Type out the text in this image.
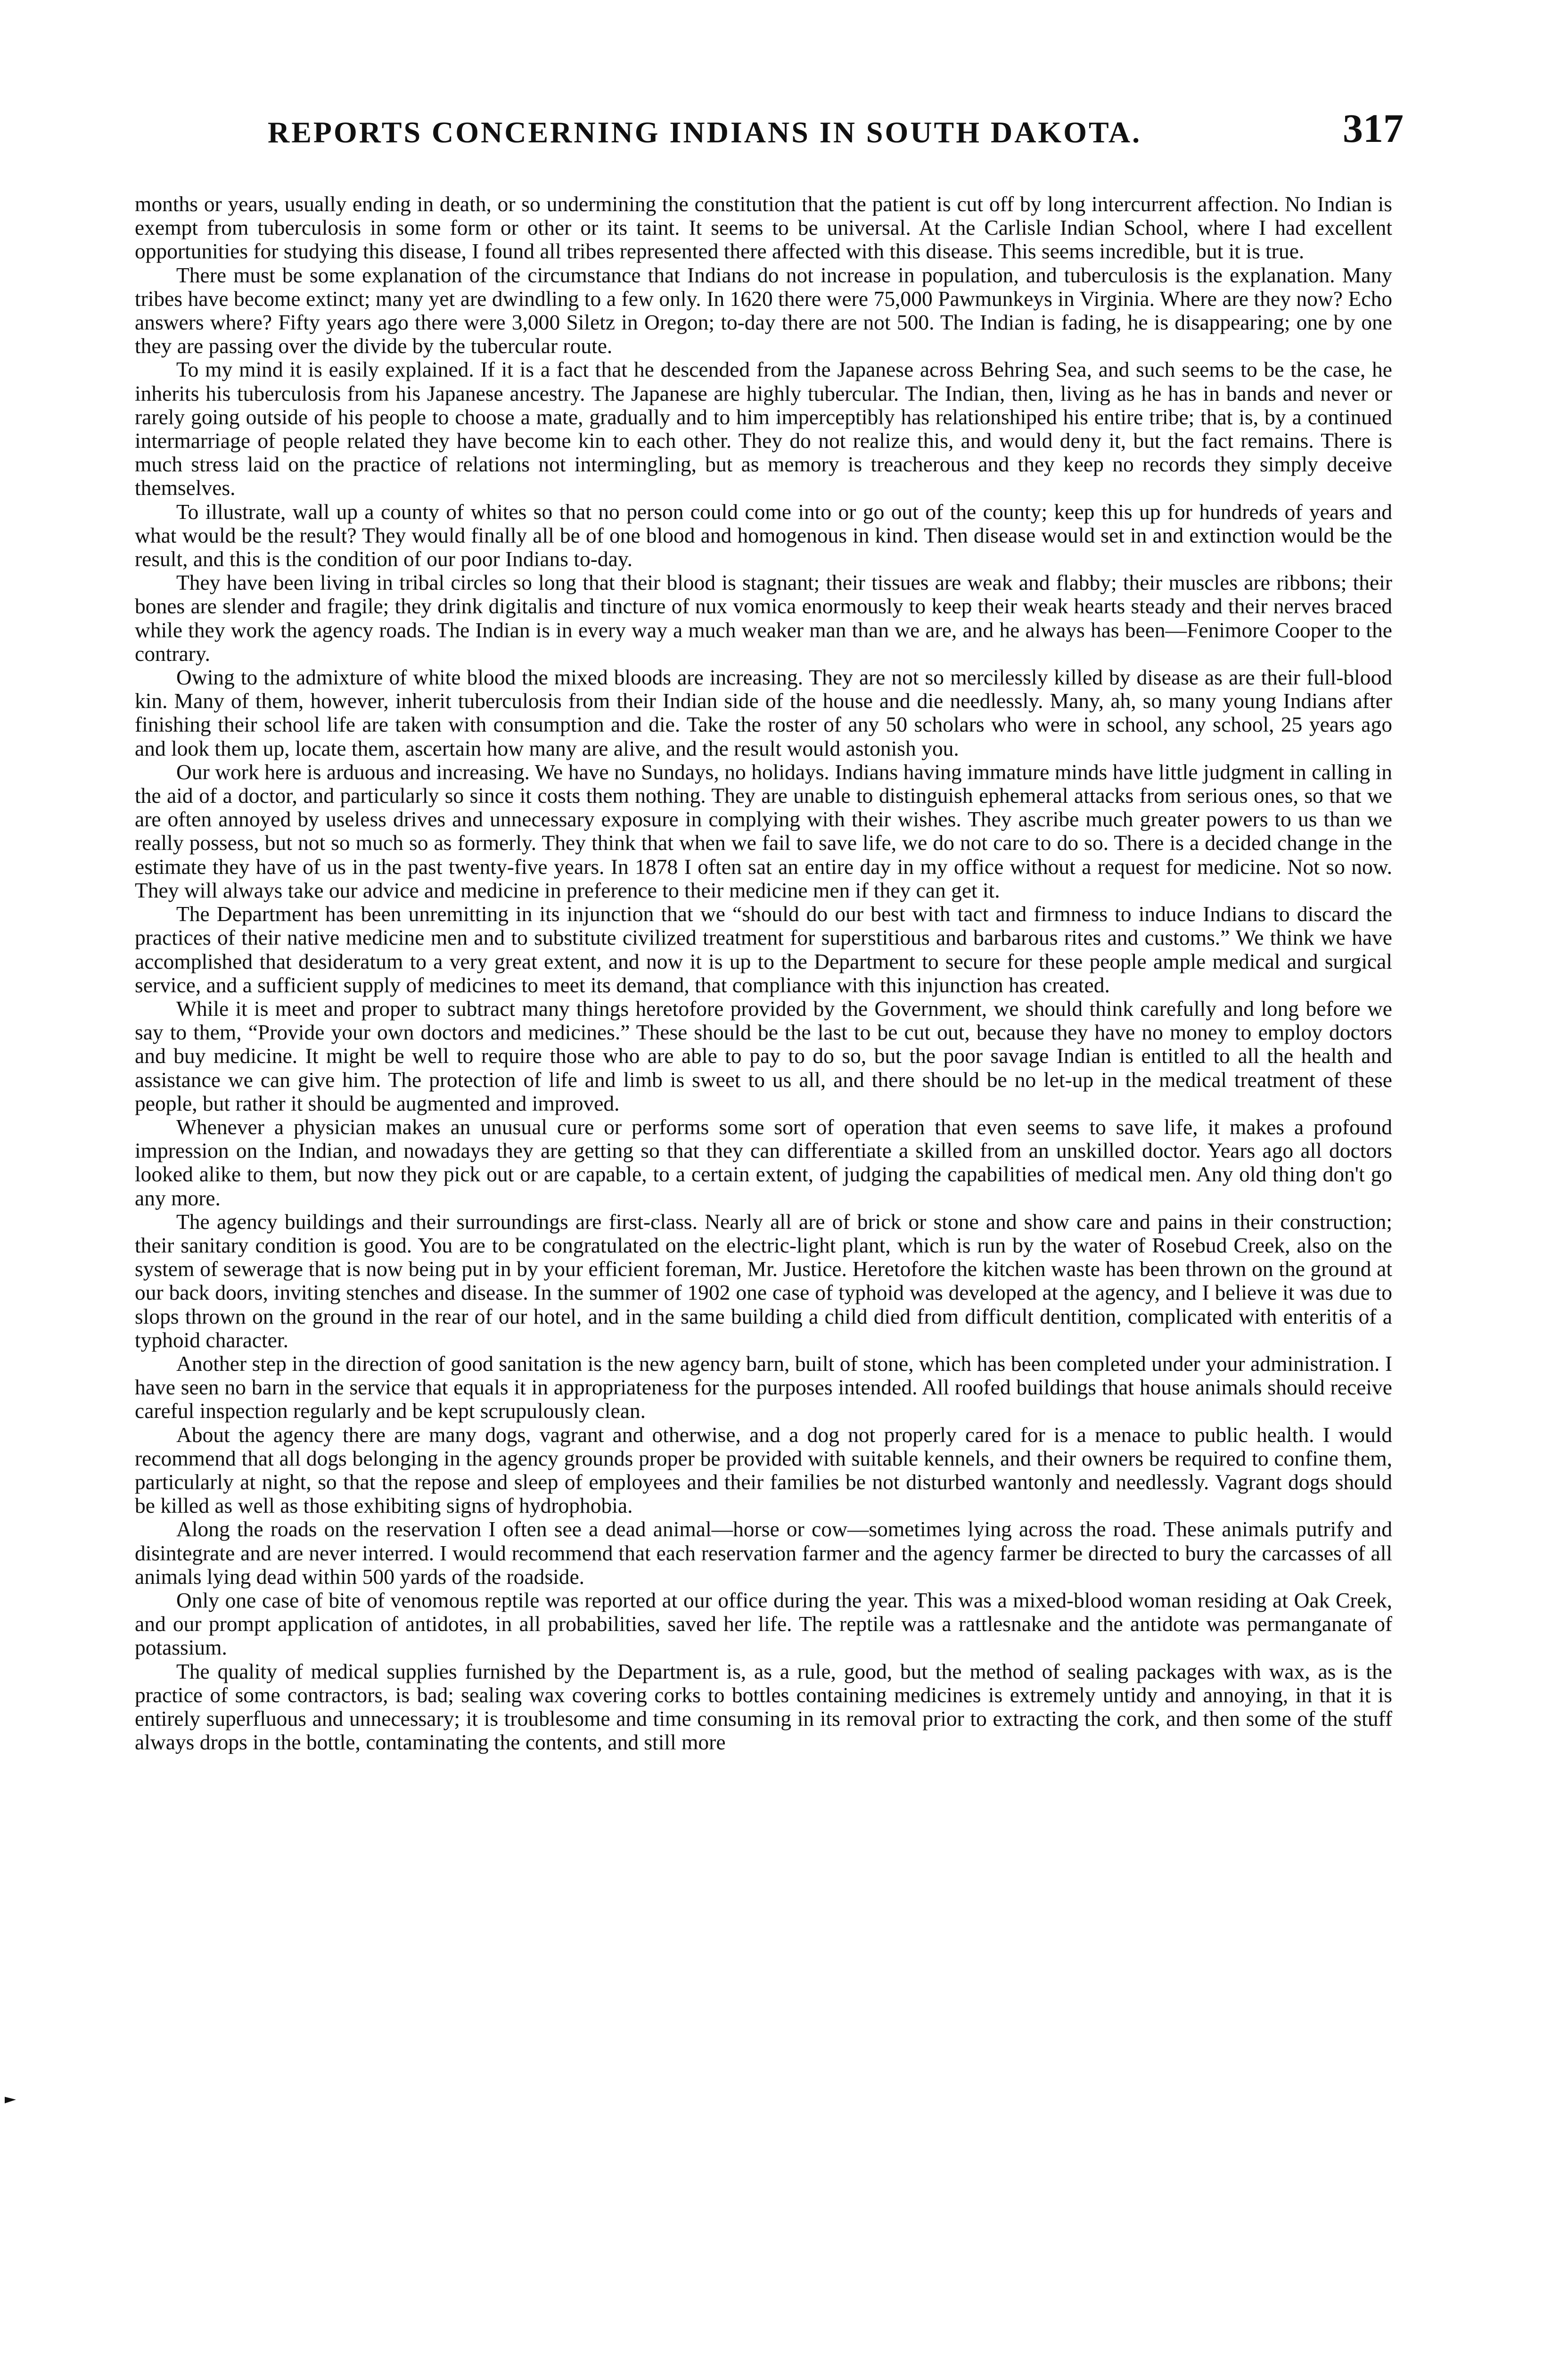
REPORTS CONCERNING INDIANS IN SOUTH DAKOTA.	317

months or years, usually ending in death, or so undermining the constitution that the patient is cut off by long intercurrent affection. No Indian is exempt from tuberculosis in some form or other or its taint. It seems to be universal. At the Carlisle Indian School, where I had excellent opportunities for studying this disease, I found all tribes represented there affected with this disease. This seems incredible, but it is true.

There must be some explanation of the circumstance that Indians do not increase in population, and tuberculosis is the explanation. Many tribes have become extinct; many yet are dwindling to a few only. In 1620 there were 75,000 Pawmunkeys in Virginia. Where are they now? Echo answers where? Fifty years ago there were 3,000 Siletz in Oregon; to-day there are not 500. The Indian is fading, he is disappearing; one by one they are passing over the divide by the tubercular route.

To my mind it is easily explained. If it is a fact that he descended from the Japanese across Behring Sea, and such seems to be the case, he inherits his tuberculosis from his Japanese ancestry. The Japanese are highly tubercular. The Indian, then, living as he has in bands and never or rarely going outside of his people to choose a mate, gradually and to him imperceptibly has relationshiped his entire tribe; that is, by a continued intermarriage of people related they have become kin to each other. They do not realize this, and would deny it, but the fact remains. There is much stress laid on the practice of relations not intermingling, but as memory is treacherous and they keep no records they simply deceive themselves.

To illustrate, wall up a county of whites so that no person could come into or go out of the county; keep this up for hundreds of years and what would be the result? They would finally all be of one blood and homogenous in kind. Then disease would set in and extinction would be the result, and this is the condition of our poor Indians to-day.

They have been living in tribal circles so long that their blood is stagnant; their tissues are weak and flabby; their muscles are ribbons; their bones are slender and fragile; they drink digitalis and tincture of nux vomica enormously to keep their weak hearts steady and their nerves braced while they work the agency roads. The Indian is in every way a much weaker man than we are, and he always has been—Fenimore Cooper to the contrary.

Owing to the admixture of white blood the mixed bloods are increasing. They are not so mercilessly killed by disease as are their full-blood kin. Many of them, however, inherit tuberculosis from their Indian side of the house and die needlessly. Many, ah, so many young Indians after finishing their school life are taken with consumption and die. Take the roster of any 50 scholars who were in school, any school, 25 years ago and look them up, locate them, ascertain how many are alive, and the result would astonish you.

Our work here is arduous and increasing. We have no Sundays, no holidays. Indians having immature minds have little judgment in calling in the aid of a doctor, and particularly so since it costs them nothing. They are unable to distinguish ephemeral attacks from serious ones, so that we are often annoyed by useless drives and unnecessary exposure in complying with their wishes. They ascribe much greater powers to us than we really possess, but not so much so as formerly. They think that when we fail to save life, we do not care to do so. There is a decided change in the estimate they have of us in the past twenty-five years. In 1878 I often sat an entire day in my office without a request for medicine. Not so now. They will always take our advice and medicine in preference to their medicine men if they can get it.

The Department has been unremitting in its injunction that we “should do our best with tact and firmness to induce Indians to discard the practices of their native medicine men and to substitute civilized treatment for superstitious and barbarous rites and customs.” We think we have accomplished that desideratum to a very great extent, and now it is up to the Department to secure for these people ample medical and surgical service, and a sufficient supply of medicines to meet its demand, that compliance with this injunction has created.

While it is meet and proper to subtract many things heretofore provided by the Government, we should think carefully and long before we say to them, “Provide your own doctors and medicines.” These should be the last to be cut out, because they have no money to employ doctors and buy medicine. It might be well to require those who are able to pay to do so, but the poor savage Indian is entitled to all the health and assistance we can give him. The protection of life and limb is sweet to us all, and there should be no let-up in the medical treatment of these people, but rather it should be augmented and improved.

Whenever a physician makes an unusual cure or performs some sort of operation that even seems to save life, it makes a profound impression on the Indian, and nowadays they are getting so that they can differentiate a skilled from an unskilled doctor. Years ago all doctors looked alike to them, but now they pick out or are capable, to a certain extent, of judging the capabilities of medical men. Any old thing don't go any more.

The agency buildings and their surroundings are first-class. Nearly all are of brick or stone and show care and pains in their construction; their sanitary condition is good. You are to be congratulated on the electric-light plant, which is run by the water of Rosebud Creek, also on the system of sewerage that is now being put in by your efficient foreman, Mr. Justice. Heretofore the kitchen waste has been thrown on the ground at our back doors, inviting stenches and disease. In the summer of 1902 one case of typhoid was developed at the agency, and I believe it was due to slops thrown on the ground in the rear of our hotel, and in the same building a child died from difficult dentition, complicated with enteritis of a typhoid character.

Another step in the direction of good sanitation is the new agency barn, built of stone, which has been completed under your administration. I have seen no barn in the service that equals it in appropriateness for the purposes intended. All roofed buildings that house animals should receive careful inspection regularly and be kept scrupulously clean.

About the agency there are many dogs, vagrant and otherwise, and a dog not properly cared for is a menace to public health. I would recommend that all dogs belonging in the agency grounds proper be provided with suitable kennels, and their owners be required to confine them, particularly at night, so that the repose and sleep of employees and their families be not disturbed wantonly and needlessly. Vagrant dogs should be killed as well as those exhibiting signs of hydrophobia.

Along the roads on the reservation I often see a dead animal—horse or cow—sometimes lying across the road. These animals putrify and disintegrate and are never interred. I would recommend that each reservation farmer and the agency farmer be directed to bury the carcasses of all animals lying dead within 500 yards of the roadside.

Only one case of bite of venomous reptile was reported at our office during the year. This was a mixed-blood woman residing at Oak Creek, and our prompt application of antidotes, in all probabilities, saved her life. The reptile was a rattlesnake and the antidote was permanganate of potassium.

The quality of medical supplies furnished by the Department is, as a rule, good, but the method of sealing packages with wax, as is the practice of some contractors, is bad; sealing wax covering corks to bottles containing medicines is extremely untidy and annoying, in that it is entirely superfluous and unnecessary; it is troublesome and time consuming in its removal prior to extracting the cork, and then some of the stuff always drops in the bottle, contaminating the contents, and still more
